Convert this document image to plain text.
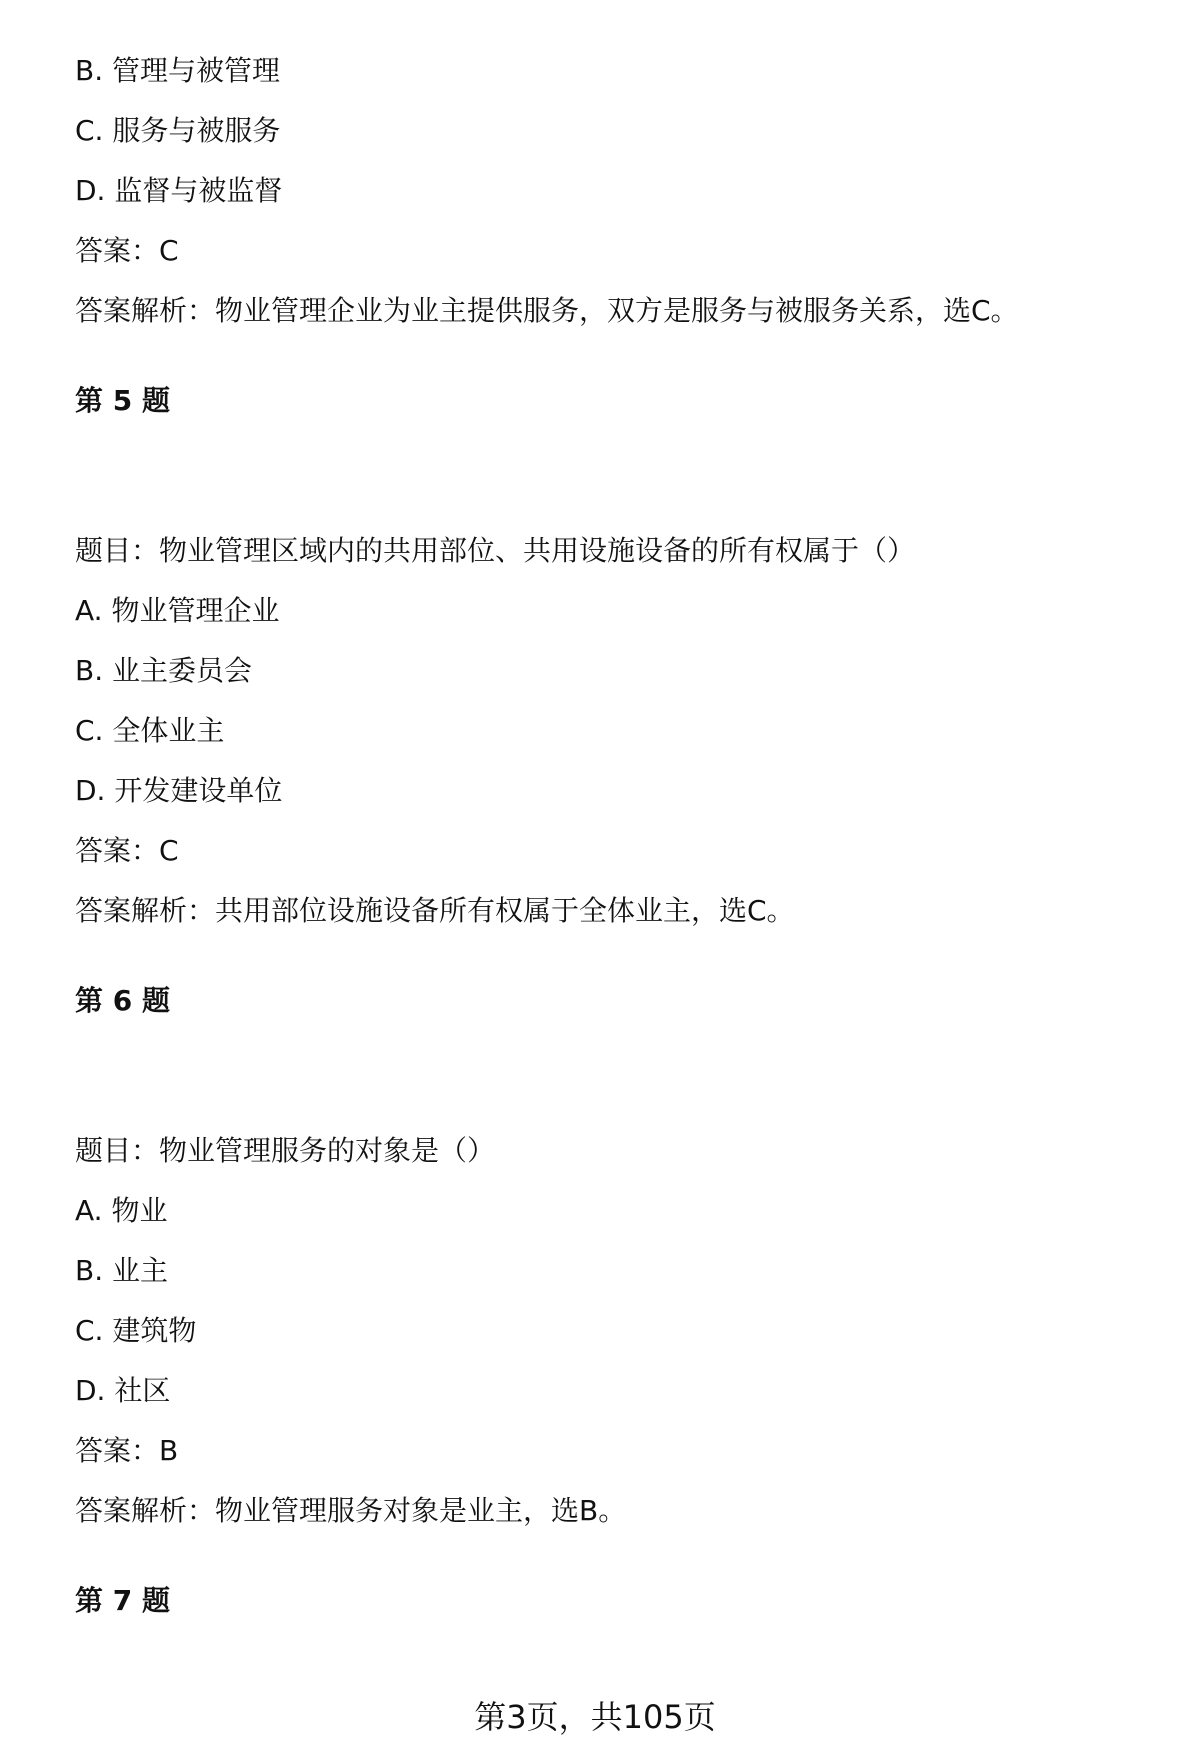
B. 管理与被管理
C. 服务与被服务
D. 监督与被监督
答案：C
答案解析：物业管理企业为业主提供服务，双方是服务与被服务关系，选C。
第 5 题
题目：物业管理区域内的共用部位、共用设施设备的所有权属于（）
A. 物业管理企业
B. 业主委员会
C. 全体业主
D. 开发建设单位
答案：C
答案解析：共用部位设施设备所有权属于全体业主，选C。
第 6 题
题目：物业管理服务的对象是（）
A. 物业
B. 业主
C. 建筑物
D. 社区
答案：B
答案解析：物业管理服务对象是业主，选B。
第 7 题
第3页，共105页
